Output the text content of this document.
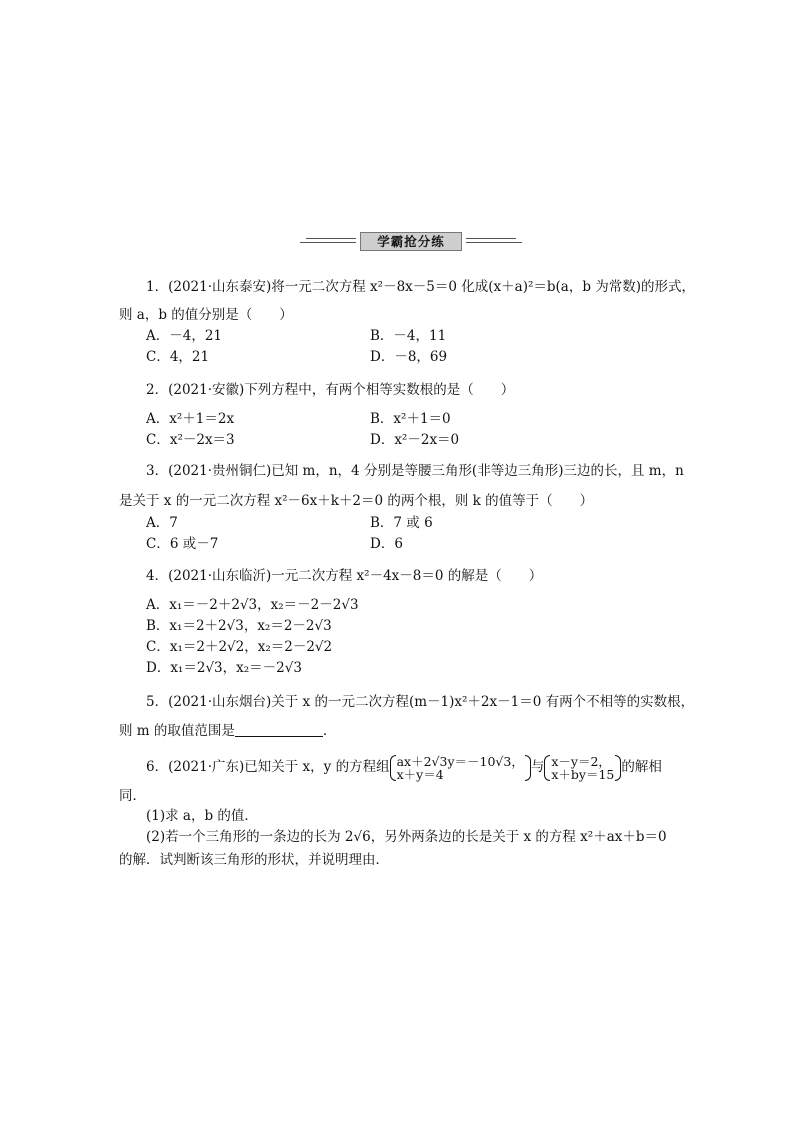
学霸抢分练
1．(2021·山东泰安)将一元二次方程 x²－8x－5＝0 化成(x＋a)²＝b(a，b 为常数)的形式，
则 a，b 的值分别是（　　）
A．－4，21	B．－4，11
C．4，21	D．－8，69
2．(2021·安徽)下列方程中，有两个相等实数根的是（　　）
A．x²＋1＝2x	B．x²＋1＝0
C．x²－2x＝3	D．x²－2x＝0
3．(2021·贵州铜仁)已知 m，n，4 分别是等腰三角形(非等边三角形)三边的长，且 m，n
是关于 x 的一元二次方程 x²－6x＋k＋2＝0 的两个根，则 k 的值等于（　　）
A．7	B．7 或 6
C．6 或－7	D．6
4．(2021·山东临沂)一元二次方程 x²－4x－8＝0 的解是（　　）
A．x₁＝－2＋2√3，x₂＝－2－2√3
B．x₁＝2＋2√3，x₂＝2－2√3
C．x₁＝2＋2√2，x₂＝2－2√2
D．x₁＝2√3，x₂＝－2√3
5．(2021·山东烟台)关于 x 的一元二次方程(m－1)x²＋2x－1＝0 有两个不相等的实数根，
则 m 的取值范围是	．
6．(2021·广东)已知关于 x，y 的方程组 ax＋2√3y＝－10√3，
x＋y＝4	与 x－y＝2，
x＋by＝15 的解相
同．
(1)求 a，b 的值．
(2)若一个三角形的一条边的长为 2√6，另外两条边的长是关于 x 的方程 x²＋ax＋b＝0
的解．试判断该三角形的形状，并说明理由．
